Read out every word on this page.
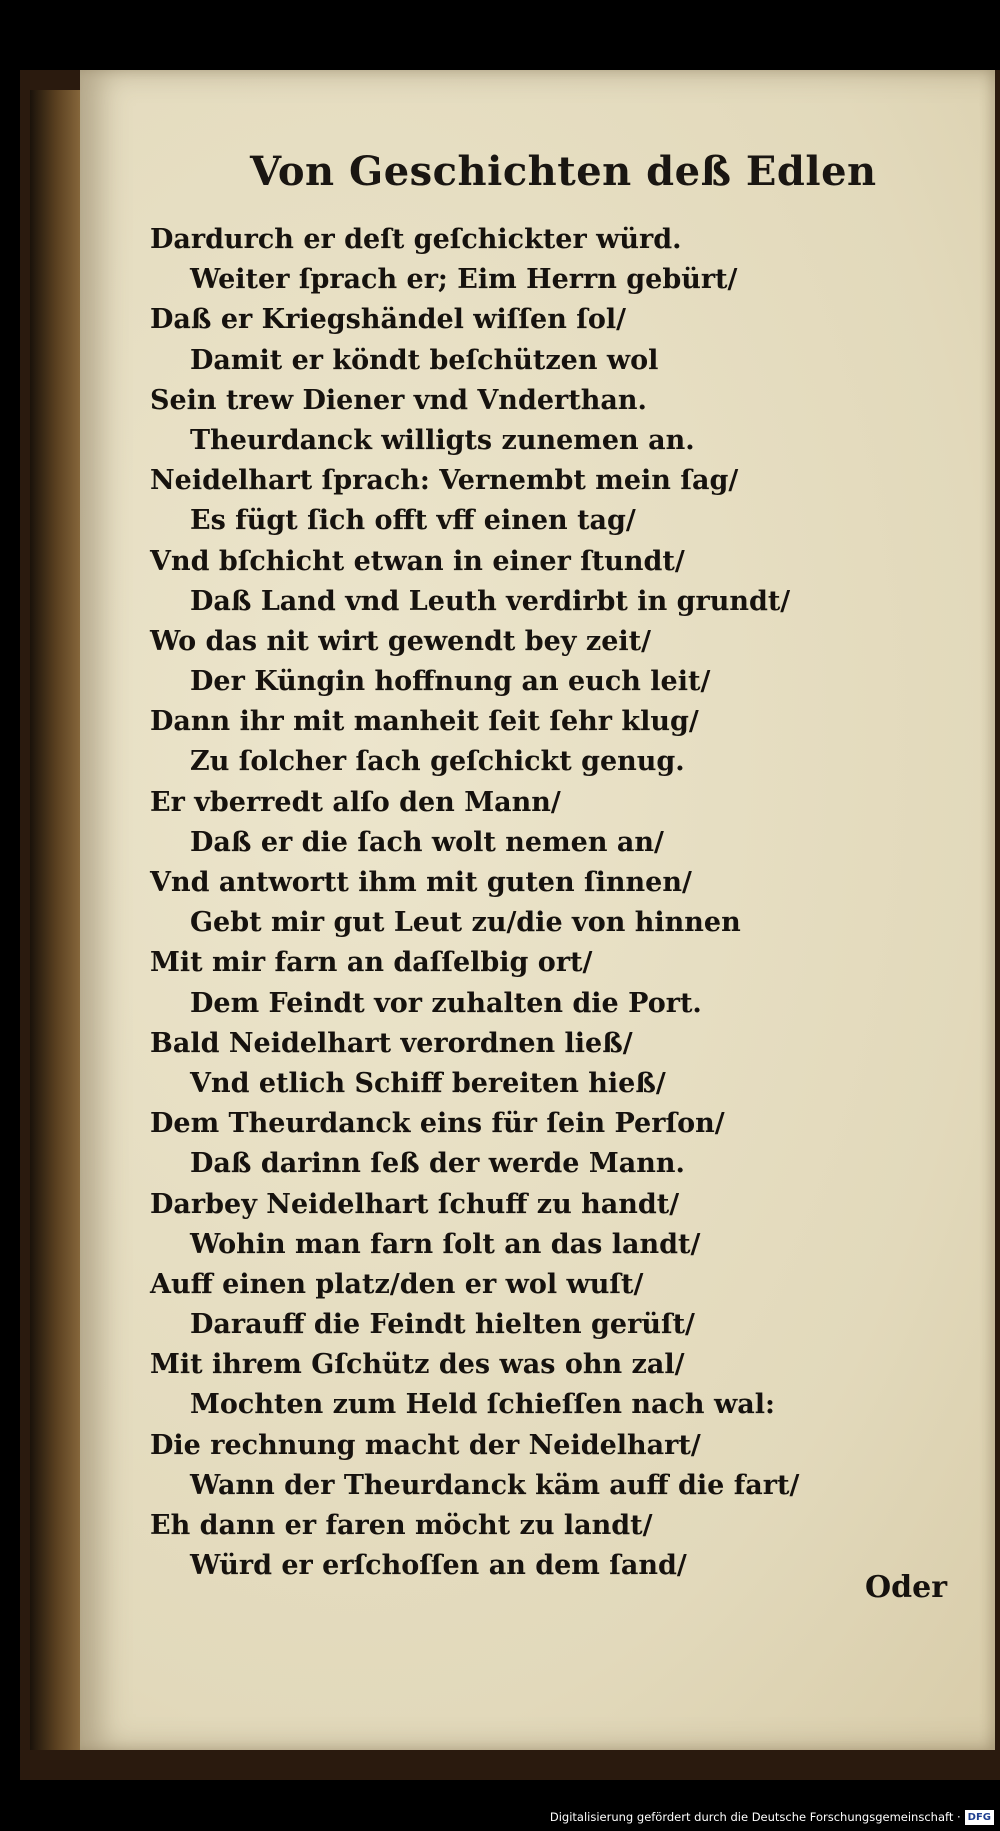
Von Geschichten deß Edlen
Dardurch er deſt geſchickter würd.
Weiter ſprach er; Eim Herrn gebürt/
Daß er Kriegshändel wiſſen ſol/
Damit er köndt beſchützen wol
Sein trew Diener vnd Vnderthan.
Theurdanck willigts zunemen an.
Neidelhart ſprach: Vernembt mein ſag/
Es fügt ſich offt vff einen tag/
Vnd bſchicht etwan in einer ſtundt/
Daß Land vnd Leuth verdirbt in grundt/
Wo das nit wirt gewendt bey zeit/
Der Küngin hoffnung an euch leit/
Dann ihr mit manheit ſeit ſehr klug/
Zu ſolcher ſach geſchickt genug.
Er vberredt alſo den Mann/
Daß er die ſach wolt nemen an/
Vnd antwortt ihm mit guten ſinnen/
Gebt mir gut Leut zu/die von hinnen
Mit mir farn an daſſelbig ort/
Dem Feindt vor zuhalten die Port.
Bald Neidelhart verordnen ließ/
Vnd etlich Schiff bereiten hieß/
Dem Theurdanck eins für ſein Perſon/
Daß darinn ſeß der werde Mann.
Darbey Neidelhart ſchuff zu handt/
Wohin man farn ſolt an das landt/
Auff einen platz/den er wol wuſt/
Darauff die Feindt hielten gerüſt/
Mit ihrem Gſchütz des was ohn zal/
Mochten zum Held ſchieſſen nach wal:
Die rechnung macht der Neidelhart/
Wann der Theurdanck käm auff die fart/
Eh dann er faren möcht zu landt/
Würd er erſchoſſen an dem ſand/
Oder
Digitalisierung gefördert durch die Deutsche Forschungsgemeinschaft · DFG
